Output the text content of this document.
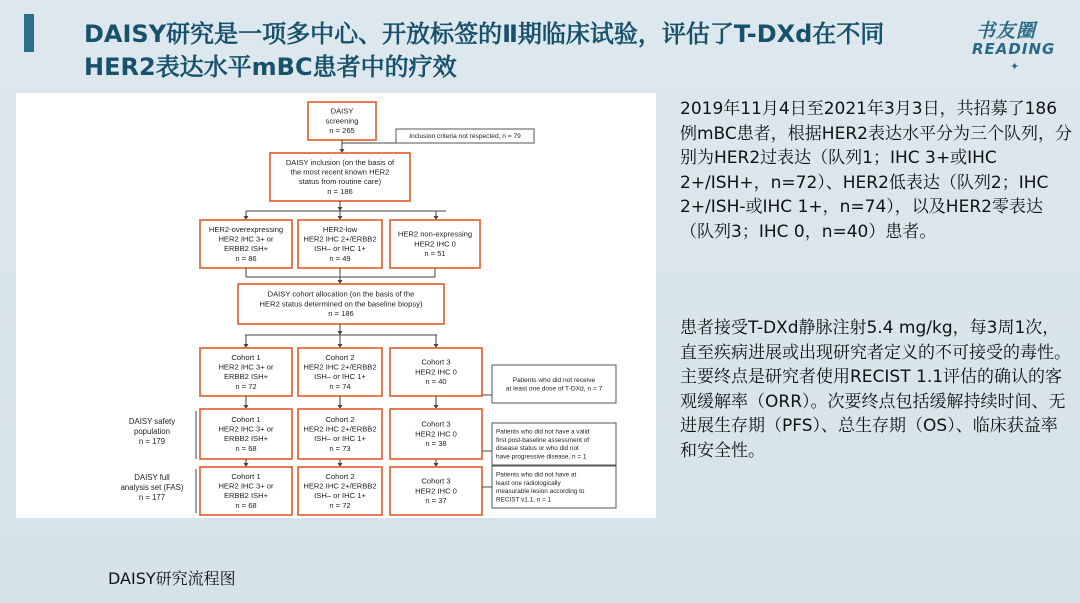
DAISY研究是一项多中心、开放标签的Ⅱ期临床试验，评估了T-DXd在不同HER2表达水平mBC患者中的疗效
书友圈
READING
✦
DAISY
screening
n = 265
Inclusion criteria not respected, n = 79
DAISY inclusion (on the basis of
the most recent known HER2
status from routine care)
n = 186
HER2-overexpressing
HER2 IHC 3+ or
ERBB2 ISH+
n = 86
HER2-low
HER2 IHC 2+/ERBB2
ISH– or IHC 1+
n = 49
HER2 non-expressing
HER2 IHC 0
n = 51
DAISY cohort allocation (on the basis of the
HER2 status determined on the baseline biopsy)
n = 186
Cohort 1
HER2 IHC 3+ or
ERBB2 ISH+
n = 72
Cohort 2
HER2 IHC 2+/ERBB2
ISH– or IHC 1+
n = 74
Cohort 3
HER2 IHC 0
n = 40
Cohort 1
HER2 IHC 3+ or
ERBB2 ISH+
n = 68
Cohort 2
HER2 IHC 2+/ERBB2
ISH– or IHC 1+
n = 73
Cohort 3
HER2 IHC 0
n = 38
Cohort 1
HER2 IHC 3+ or
ERBB2 ISH+
n = 68
Cohort 2
HER2 IHC 2+/ERBB2
ISH– or IHC 1+
n = 72
Cohort 3
HER2 IHC 0
n = 37
Patients who did not receive
at least one dose of T-DXd, n = 7
Patients who did not have a valid
first post-baseline assessment of
disease status or who did not
have progressive disease, n = 1
Patients who did not have at
least one radiologically
measurable lesion according to
RECIST v1.1, n = 1
DAISY safety
population
n = 179
DAISY full
analysis set (FAS)
n = 177
DAISY研究流程图
2019年11月4日至2021年3月3日，共招募了186例mBC患者，根据HER2表达水平分为三个队列，分别为HER2过表达（队列1；IHC 3+或IHC 2+/ISH+，n=72）、HER2低表达（队列2；IHC 2+/ISH-或IHC 1+，n=74），以及HER2零表达（队列3；IHC 0，n=40）患者。
患者接受T-DXd静脉注射5.4 mg/kg，每3周1次，直至疾病进展或出现研究者定义的不可接受的毒性。主要终点是研究者使用RECIST 1.1评估的确认的客观缓解率（ORR）。次要终点包括缓解持续时间、无进展生存期（PFS）、总生存期（OS）、临床获益率和安全性。
